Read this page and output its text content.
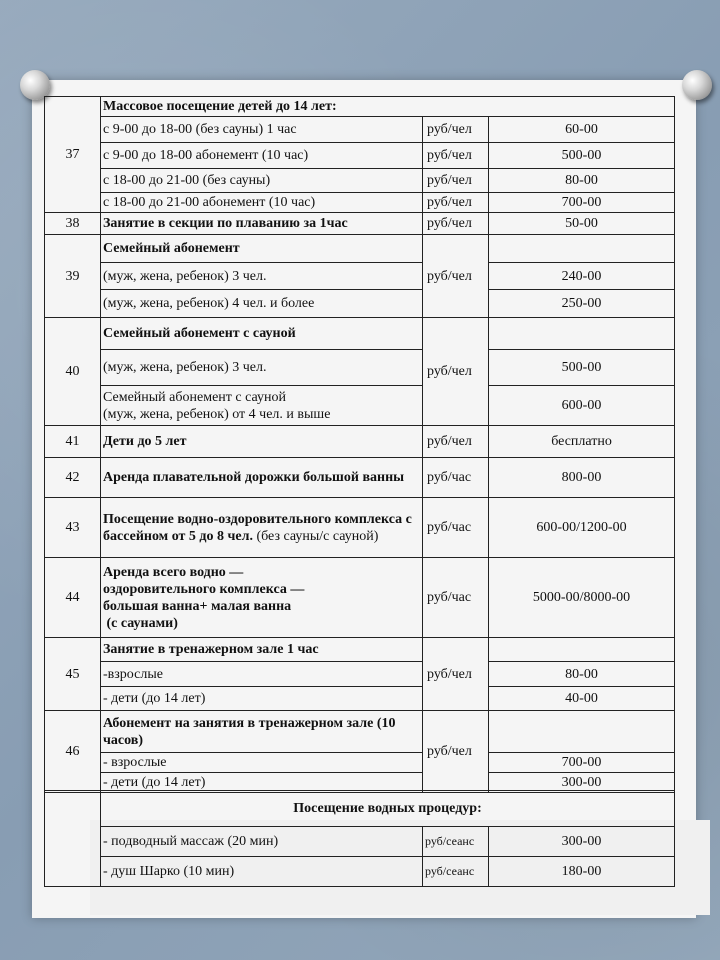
37	Массовое посещение детей до 14 лет:		
	с 9-00 до 18-00 (без сауны) 1 час	руб/чел	60-00
	с 9-00 до 18-00 абонемент (10 час)	руб/чел	500-00
	с 18-00 до 21-00 (без сауны)	руб/чел	80-00
	с 18-00 до 21-00 абонемент (10 час)	руб/чел	700-00
38	Занятие в секции по плаванию за 1час	руб/чел	50-00
39	Семейный абонемент	руб/чел	
	(муж, жена, ребенок) 3 чел.		240-00
	(муж, жена, ребенок) 4 чел. и более		250-00
40	Семейный абонемент с сауной	руб/чел	
	(муж, жена, ребенок) 3 чел.		500-00

	Семейный абонемент с сауной
(муж, жена, ребенок) от 4 чел. и выше		600-00
41	Дети до 5 лет	руб/чел	бесплатно
42	Аренда плавательной дорожки большой ванны	руб/час	800-00
43	Посещение водно-оздоровительного комплекса с бассейном от 5 до 8 чел. (без сауны/с сауной)	руб/час	600-00/1200-00
44	Аренда всего водно —
оздоровительного комплекса —
большая ванна+ малая ванна
(с саунами)	руб/час	5000-00/8000-00
45	Занятие в тренажерном зале 1 час	руб/чел	
	-взрослые		80-00
	- дети (до 14 лет)		40-00
46	Абонемент на занятия в тренажерном зале (10 часов)	руб/чел	
	- взрослые		700-00
	- дети (до 14 лет)		300-00
	Посещение водных процедур:		
	- подводный массаж (20 мин)	руб/сеанс	300-00
	- душ Шарко (10 мин)	руб/сеанс	180-00
